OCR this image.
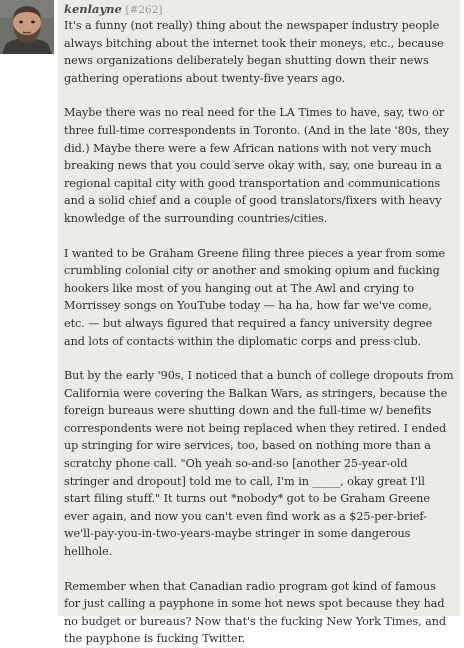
kenlayne [#262]

It's a funny (not really) thing about the newspaper industry people always bitching about the internet took their moneys, etc., because news organizations deliberately began shutting down their news gathering operations about twenty-five years ago.

Maybe there was no real need for the LA Times to have, say, two or three full-time correspondents in Toronto. (And in the late '80s, they did.) Maybe there were a few African nations with not very much breaking news that you could serve okay with, say, one bureau in a regional capital city with good transportation and communications and a solid chief and a couple of good translators/fixers with heavy knowledge of the surrounding countries/cities.

I wanted to be Graham Greene filing three pieces a year from some crumbling colonial city or another and smoking opium and fucking hookers like most of you hanging out at The Awl and crying to Morrissey songs on YouTube today — ha ha, how far we've come, etc. — but always figured that required a fancy university degree and lots of contacts within the diplomatic corps and press club.

But by the early '90s, I noticed that a bunch of college dropouts from California were covering the Balkan Wars, as stringers, because the foreign bureaus were shutting down and the full-time w/ benefits correspondents were not being replaced when they retired. I ended up stringing for wire services, too, based on nothing more than a scratchy phone call. "Oh yeah so-and-so [another 25-year-old stringer and dropout] told me to call, I'm in _____, okay great I'll start filing stuff." It turns out *nobody* got to be Graham Greene ever again, and now you can't even find work as a $25-per-brief-we'll-pay-you-in-two-years-maybe stringer in some dangerous hellhole.

Remember when that Canadian radio program got kind of famous for just calling a payphone in some hot news spot because they had no budget or bureaus? Now that's the fucking New York Times, and the payphone is fucking Twitter.
